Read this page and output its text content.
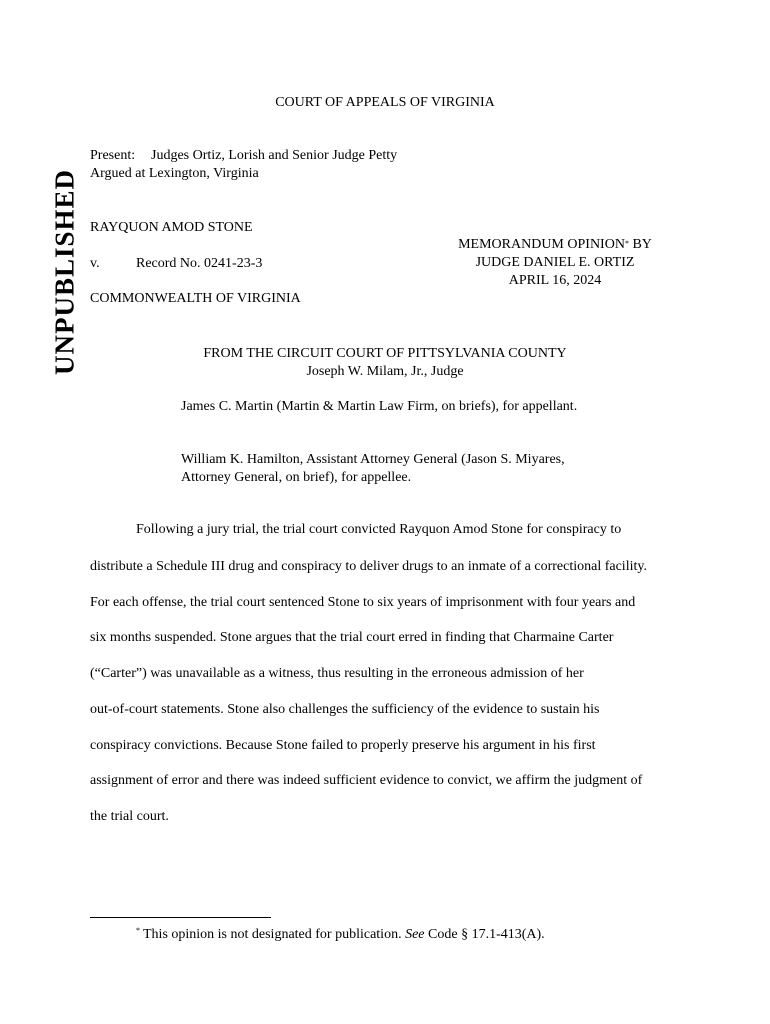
UNPUBLISHED
COURT OF APPEALS OF VIRGINIA
Present: Judges Ortiz, Lorish and Senior Judge Petty
Argued at Lexington, Virginia
RAYQUON AMOD STONE
v.	Record No. 0241-23-3
COMMONWEALTH OF VIRGINIA
MEMORANDUM OPINION* BY
JUDGE DANIEL E. ORTIZ
APRIL 16, 2024
FROM THE CIRCUIT COURT OF PITTSYLVANIA COUNTY
Joseph W. Milam, Jr., Judge
James C. Martin (Martin & Martin Law Firm, on briefs), for appellant.
William K. Hamilton, Assistant Attorney General (Jason S. Miyares, Attorney General, on brief), for appellee.
Following a jury trial, the trial court convicted Rayquon Amod Stone for conspiracy to
distribute a Schedule III drug and conspiracy to deliver drugs to an inmate of a correctional facility.
For each offense, the trial court sentenced Stone to six years of imprisonment with four years and
six months suspended. Stone argues that the trial court erred in finding that Charmaine Carter
(“Carter”) was unavailable as a witness, thus resulting in the erroneous admission of her
out-of-court statements. Stone also challenges the sufficiency of the evidence to sustain his
conspiracy convictions. Because Stone failed to properly preserve his argument in his first
assignment of error and there was indeed sufficient evidence to convict, we affirm the judgment of
the trial court.
* This opinion is not designated for publication. See Code § 17.1-413(A).
